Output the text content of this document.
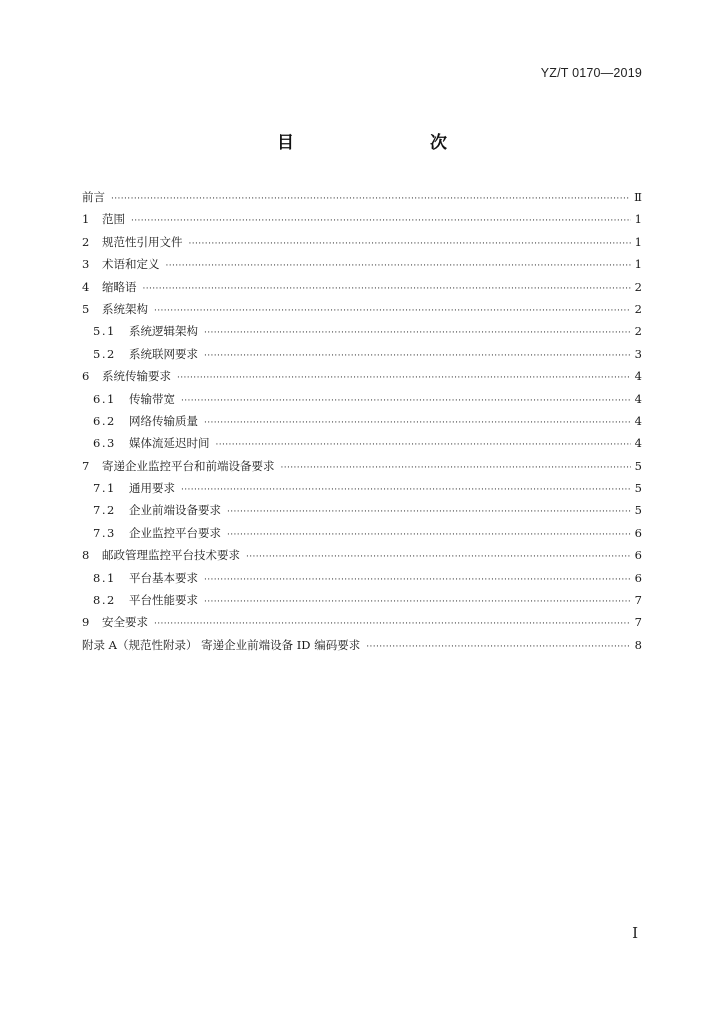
YZ/T 0170—2019
目　　次
前言 ·····	Ⅱ
1 范围 ·····	1
2 规范性引用文件 ·····	1
3 术语和定义 ·····	1
4 缩略语 ·····	2
5 系统架构 ·····	2
5.1 系统逻辑架构 ·····	2
5.2 系统联网要求 ·····	3
6 系统传输要求 ·····	4
6.1 传输带宽 ·····	4
6.2 网络传输质量 ·····	4
6.3 媒体流延迟时间 ·····	4
7 寄递企业监控平台和前端设备要求 ·····	5
7.1 通用要求 ·····	5
7.2 企业前端设备要求 ·····	5
7.3 企业监控平台要求 ·····	6
8 邮政管理监控平台技术要求 ·····	6
8.1 平台基本要求 ·····	6
8.2 平台性能要求 ·····	7
9 安全要求 ·····	7
附录 A（规范性附录） 寄递企业前端设备 ID 编码要求 ·····	8
Ⅰ
